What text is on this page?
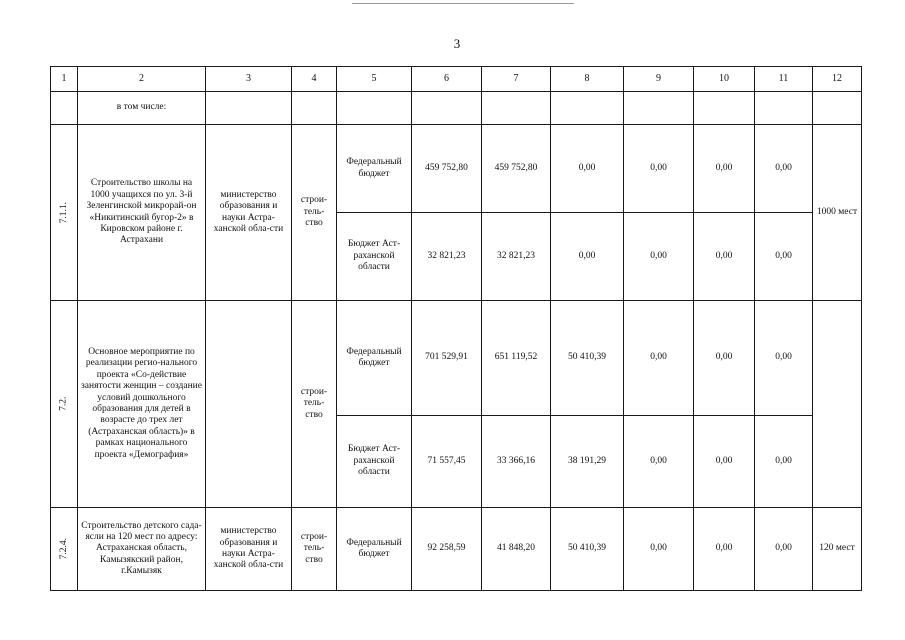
3
1	2	3	4	5	6	7	8	9	10	11	12
	в том числе:										
7.1.1.	Строительство школы на 1000 учащихся по ул. 3-й Зеленгинской микрорай-он «Никитинский бугор-2» в Кировском районе г. Астрахани	министерство образования и науки Астра-ханской обла-сти	строи-тель-ство	Федеральный бюджет	459 752,80	459 752,80	0,00	0,00	0,00	0,00	1000 мест
				Бюджет Аст-раханской области	32 821,23	32 821,23	0,00	0,00	0,00	0,00	
7.2.	Основное мероприятие по реализации регио-нального проекта «Со-действие занятости женщин – создание условий дошкольного образования для детей в возрасте до трех лет (Астраханская область)» в рамках национального проекта «Демография»		строи-тель-ство	Федеральный бюджет	701 529,91	651 119,52	50 410,39	0,00	0,00	0,00	
				Бюджет Аст-раханской области	71 557,45	33 366,16	38 191,29	0,00	0,00	0,00	
7.2.4.	Строительство детского сада-ясли на 120 мест по адресу: Астраханская область, Камызякский район, г.Камызяк	министерство образования и науки Астра-ханской обла-сти	строи-тель-ство	Федеральный бюджет	92 258,59	41 848,20	50 410,39	0,00	0,00	0,00	120 мест
